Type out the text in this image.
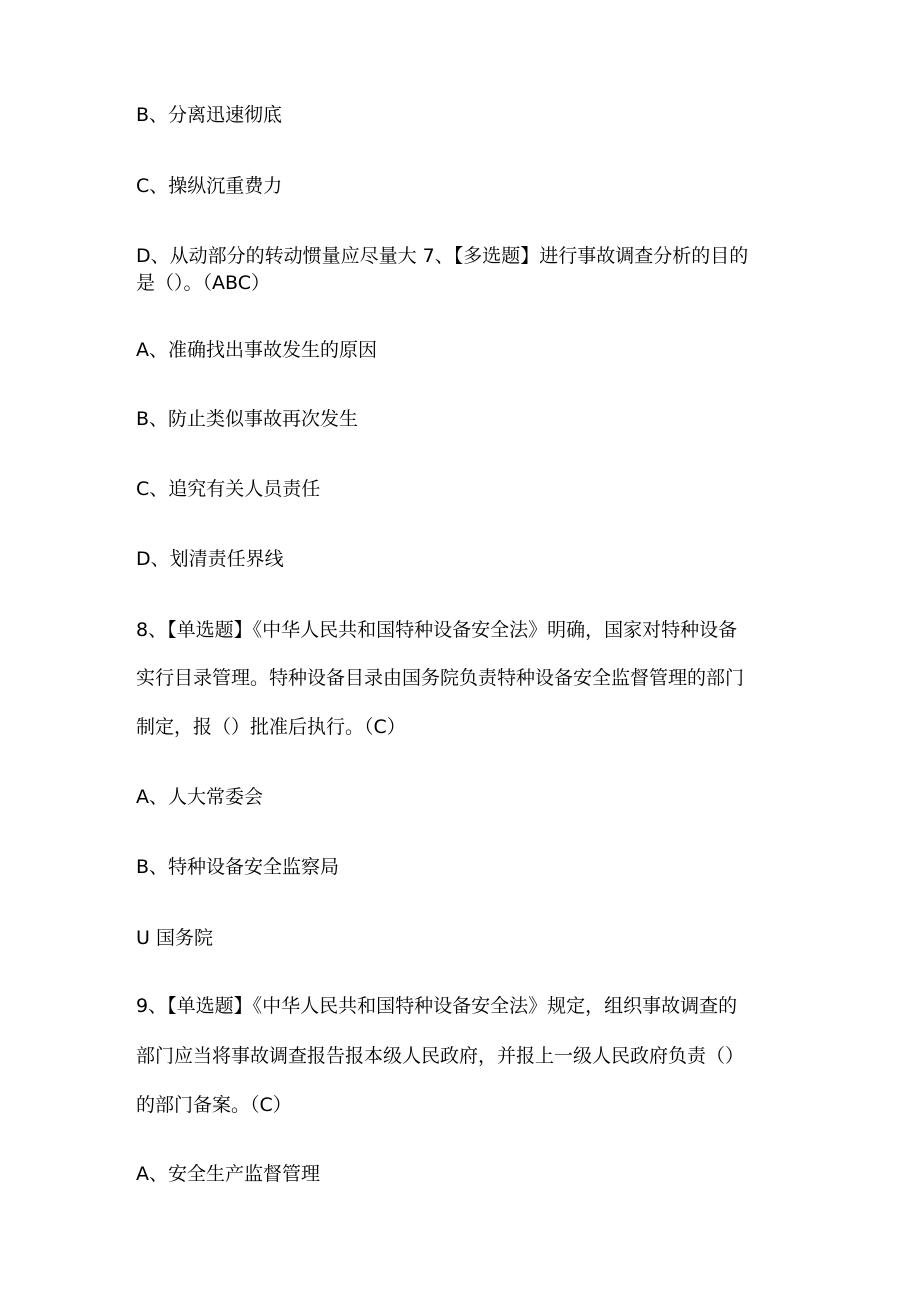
B、分离迅速彻底
C、操纵沉重费力
D、从动部分的转动惯量应尽量大 7、【多选题】进行事故调查分析的目的
是（）。（ABC）
A、准确找出事故发生的原因
B、防止类似事故再次发生
C、追究有关人员责任
D、划清责任界线
8、【单选题】《中华人民共和国特种设备安全法》明确，国家对特种设备
实行目录管理。特种设备目录由国务院负责特种设备安全监督管理的部门
制定，报（）批准后执行。（C）
A、人大常委会
B、特种设备安全监察局
U 国务院
9、【单选题】《中华人民共和国特种设备安全法》规定，组织事故调查的
部门应当将事故调查报告报本级人民政府，并报上一级人民政府负责（）
的部门备案。（C）
A、安全生产监督管理
